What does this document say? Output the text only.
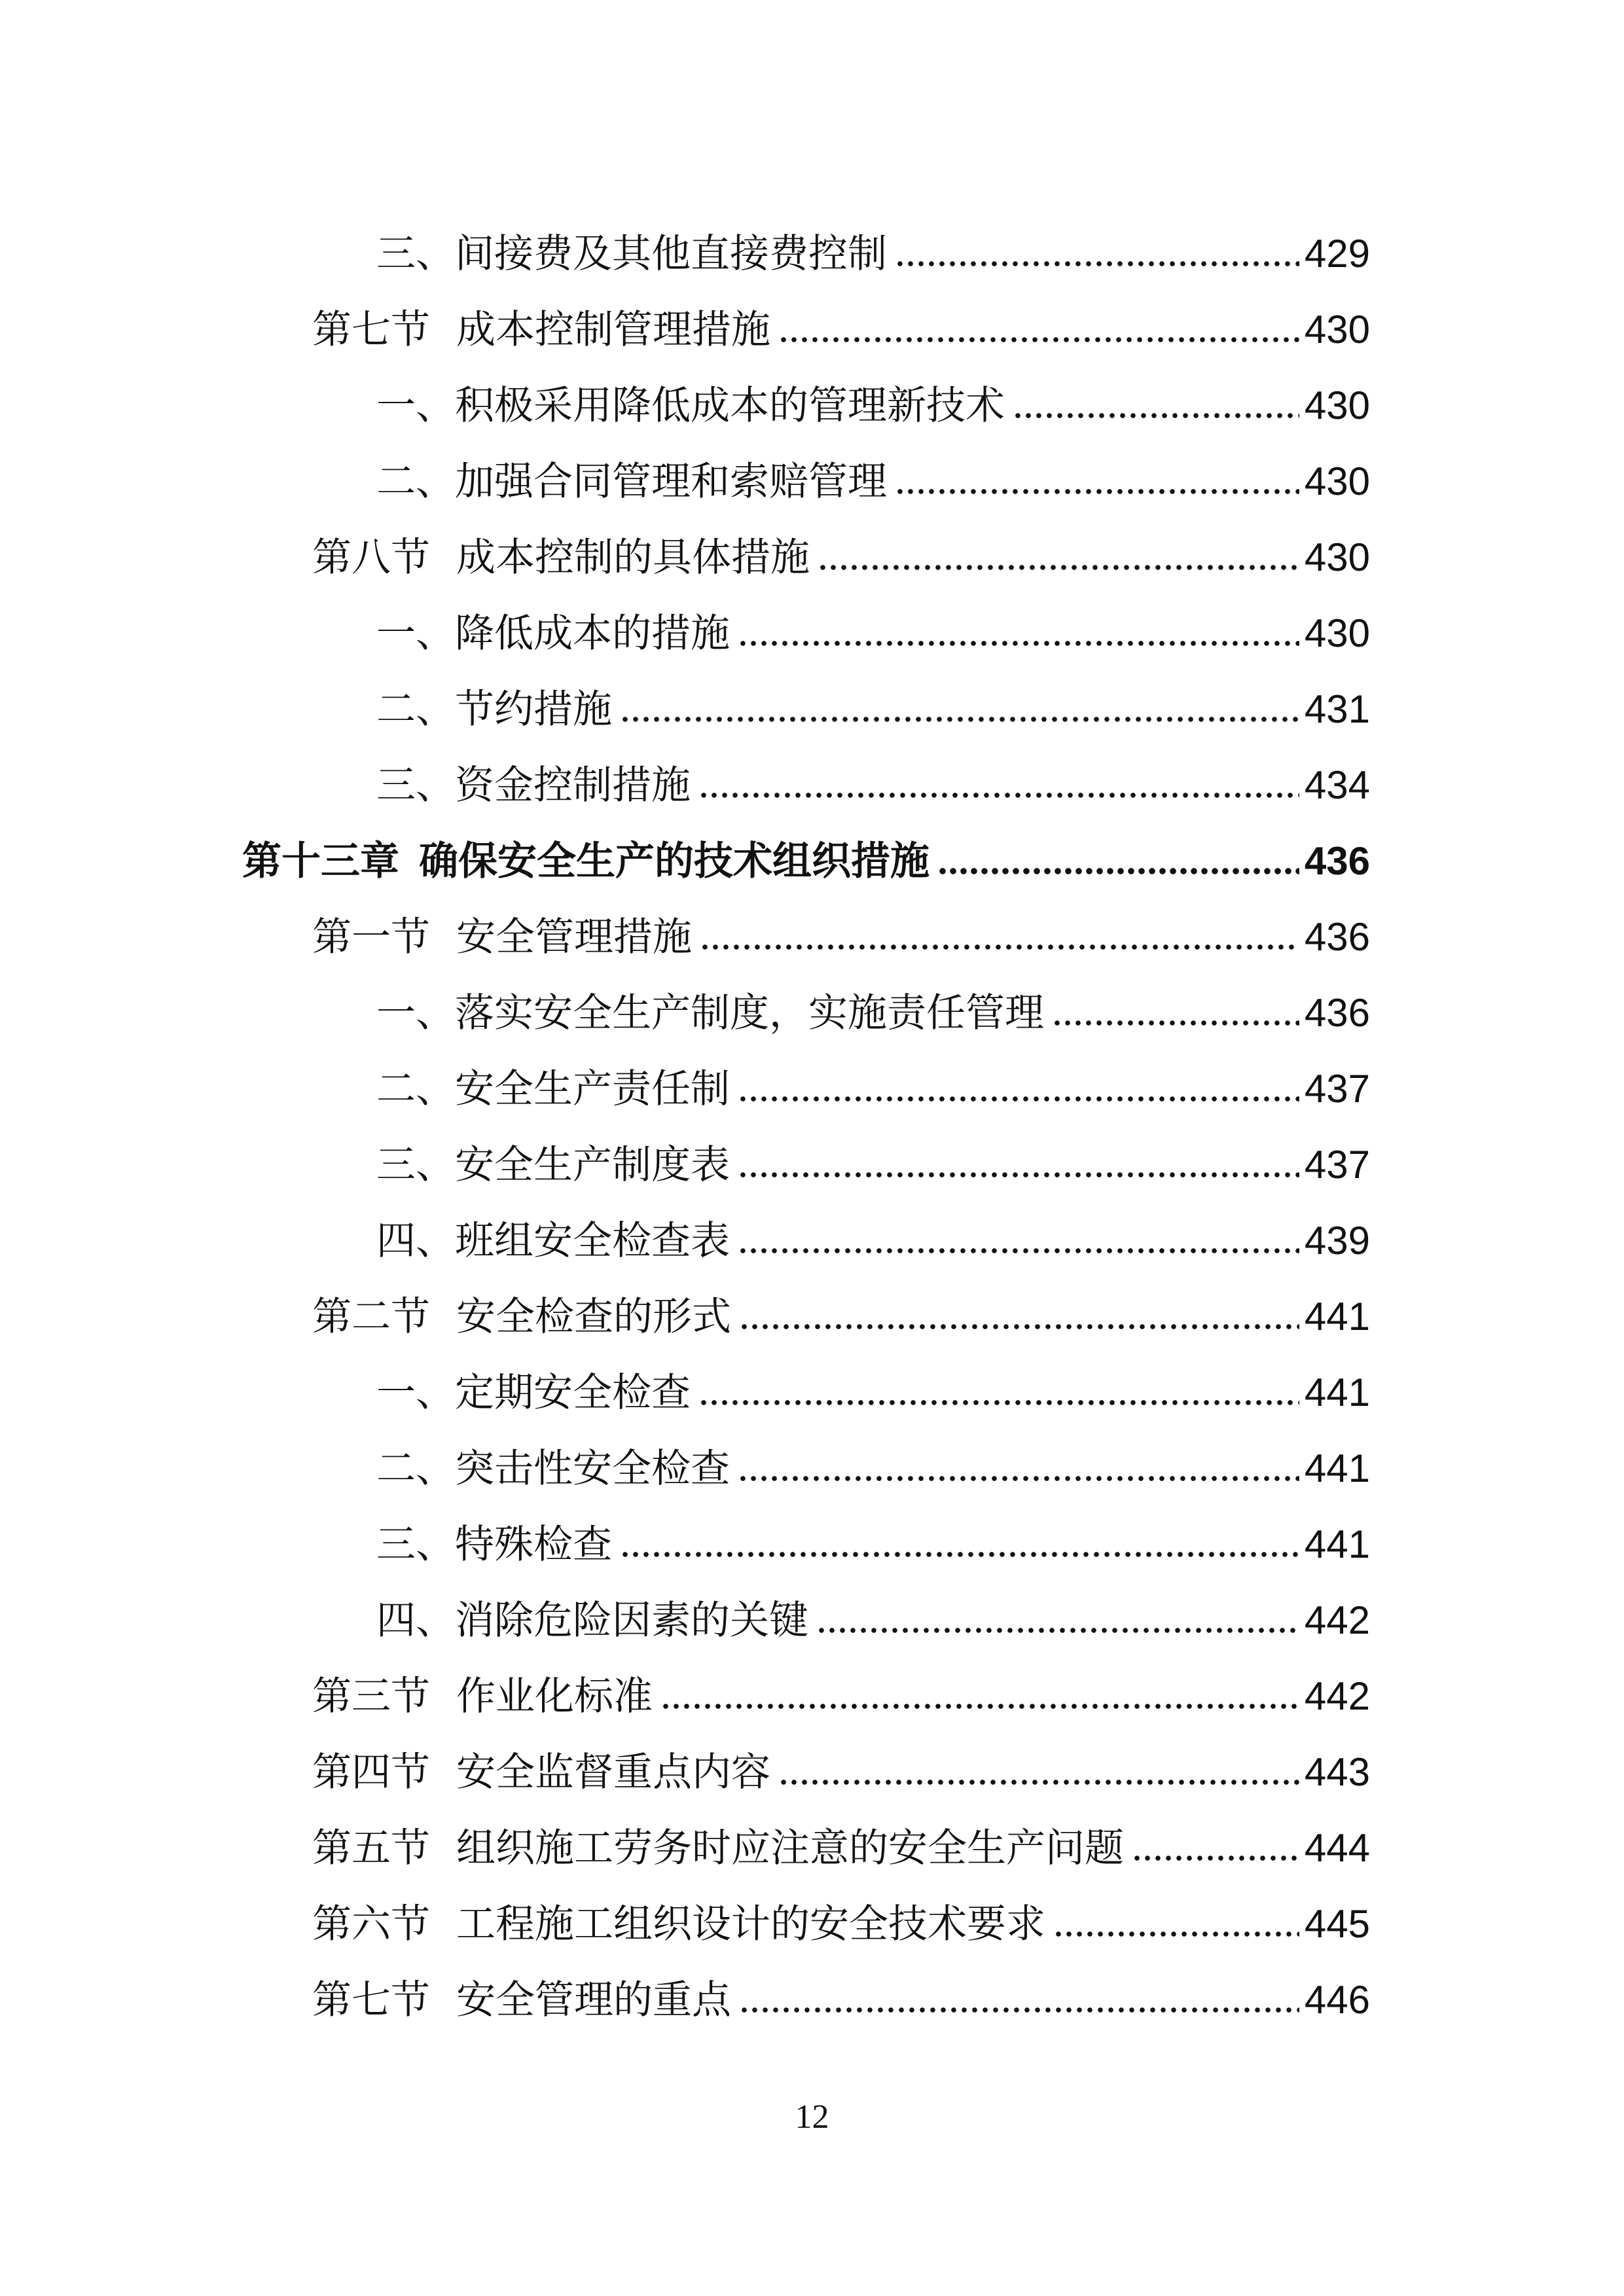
三、间接费及其他直接费控制	429
第七节 成本控制管理措施	430
一、积极采用降低成本的管理新技术	430
二、加强合同管理和索赔管理	430
第八节 成本控制的具体措施	430
一、降低成本的措施	430
二、节约措施	431
三、资金控制措施	434
第十三章 确保安全生产的技术组织措施	436
第一节 安全管理措施	436
一、落实安全生产制度，实施责任管理	436
二、安全生产责任制	437
三、安全生产制度表	437
四、班组安全检查表	439
第二节 安全检查的形式	441
一、定期安全检查	441
二、突击性安全检查	441
三、特殊检查	441
四、消除危险因素的关键	442
第三节 作业化标准	442
第四节 安全监督重点内容	443
第五节 组织施工劳务时应注意的安全生产问题	444
第六节 工程施工组织设计的安全技术要求	445
第七节 安全管理的重点	446
12
